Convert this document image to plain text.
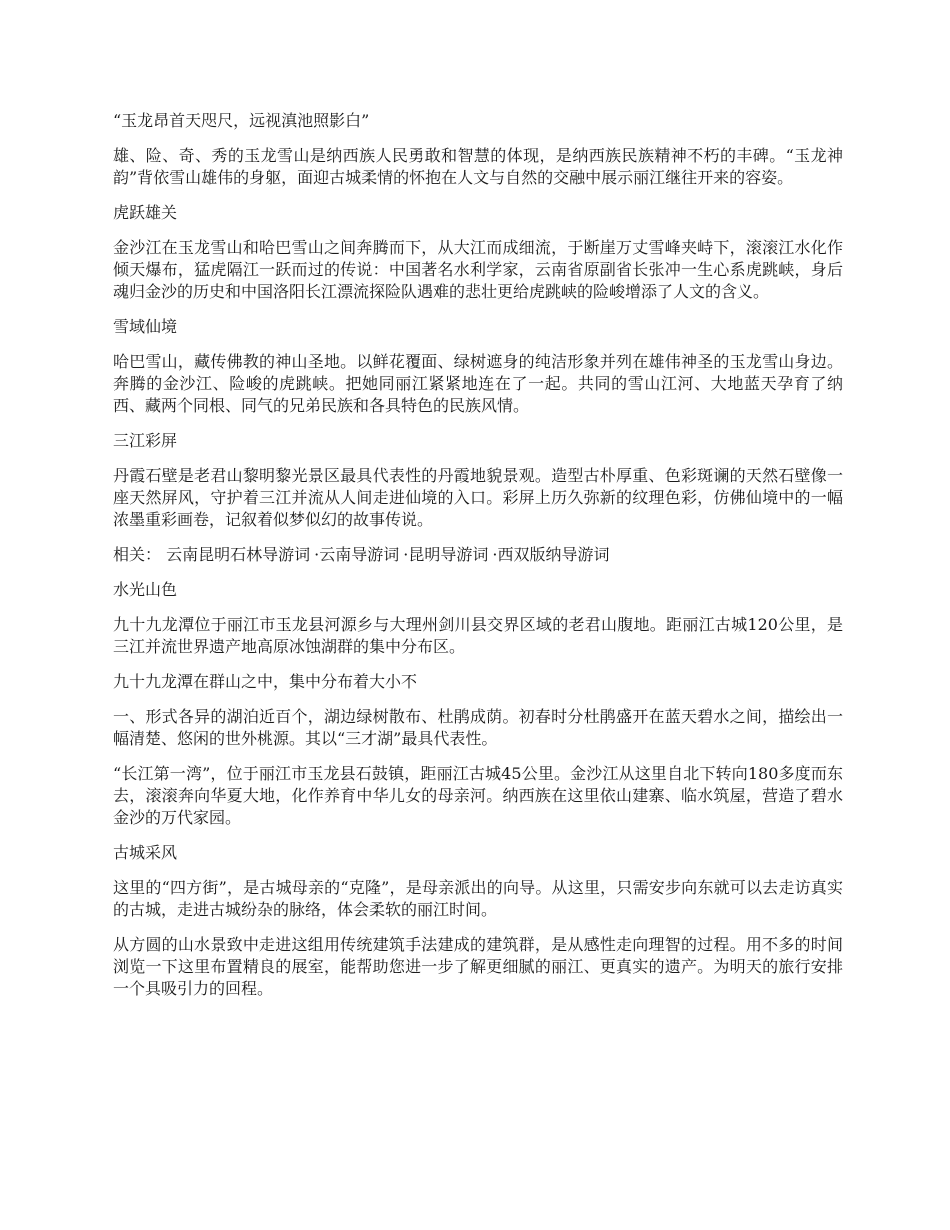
“玉龙昂首天咫尺，远视滇池照影白”

雄、险、奇、秀的玉龙雪山是纳西族人民勇敢和智慧的体现，是纳西族民族精神不朽的丰碑。“玉龙神韵”背依雪山雄伟的身躯，面迎古城柔情的怀抱在人文与自然的交融中展示丽江继往开来的容姿。

虎跃雄关

金沙江在玉龙雪山和哈巴雪山之间奔腾而下，从大江而成细流，于断崖万丈雪峰夹峙下，滚滚江水化作倾天爆布，猛虎隔江一跃而过的传说：中国著名水利学家，云南省原副省长张冲一生心系虎跳峡，身后魂归金沙的历史和中国洛阳长江漂流探险队遇难的悲壮更给虎跳峡的险峻增添了人文的含义。

雪域仙境

哈巴雪山，藏传佛教的神山圣地。以鲜花覆面、绿树遮身的纯洁形象并列在雄伟神圣的玉龙雪山身边。奔腾的金沙江、险峻的虎跳峡。把她同丽江紧紧地连在了一起。共同的雪山江河、大地蓝天孕育了纳西、藏两个同根、同气的兄弟民族和各具特色的民族风情。

三江彩屏

丹霞石壁是老君山黎明黎光景区最具代表性的丹霞地貌景观。造型古朴厚重、色彩斑谰的天然石壁像一座天然屏风，守护着三江并流从人间走进仙境的入口。彩屏上历久弥新的纹理色彩，仿佛仙境中的一幅浓墨重彩画卷，记叙着似梦似幻的故事传说。

相关： 云南昆明石林导游词 ·云南导游词 ·昆明导游词 ·西双版纳导游词

水光山色

九十九龙潭位于丽江市玉龙县河源乡与大理州剑川县交界区域的老君山腹地。距丽江古城120公里，是三江并流世界遗产地高原冰蚀湖群的集中分布区。

九十九龙潭在群山之中，集中分布着大小不

一、形式各异的湖泊近百个，湖边绿树散布、杜鹃成荫。初春时分杜鹃盛开在蓝天碧水之间，描绘出一幅清楚、悠闲的世外桃源。其以“三才湖”最具代表性。

“长江第一湾”，位于丽江市玉龙县石鼓镇，距丽江古城45公里。金沙江从这里自北下转向180多度而东去，滚滚奔向华夏大地，化作养育中华儿女的母亲河。纳西族在这里依山建寨、临水筑屋，营造了碧水金沙的万代家园。

古城采风

这里的“四方街”，是古城母亲的“克隆”，是母亲派出的向导。从这里，只需安步向东就可以去走访真实的古城，走进古城纷杂的脉络，体会柔软的丽江时间。

从方圆的山水景致中走进这组用传统建筑手法建成的建筑群，是从感性走向理智的过程。用不多的时间浏览一下这里布置精良的展室，能帮助您进一步了解更细腻的丽江、更真实的遗产。为明天的旅行安排一个具吸引力的回程。
